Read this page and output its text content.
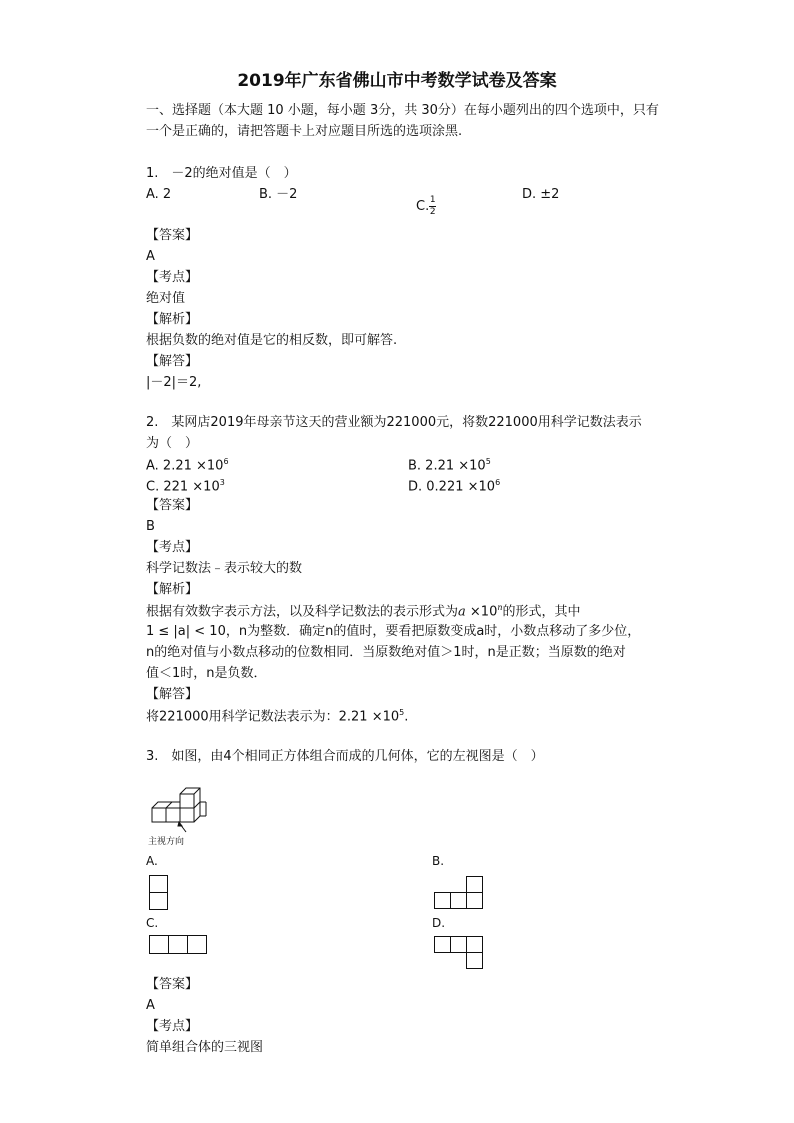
2019年广东省佛山市中考数学试卷及答案
一、选择题（本大题 10 小题，每小题 3分，共 30分）在每小题列出的四个选项中，只有
一个是正确的，请把答题卡上对应题目所选的选项涂黑.
1.　－2的绝对值是（　）
A. 2	B. －2
C. $\frac{1}{2}$
D. ±2
【答案】
A
【考点】
绝对值
【解析】
根据负数的绝对值是它的相反数，即可解答.
【解答】
|－2|＝2,
2.　某网店2019年母亲节这天的营业额为221000元，将数221000用科学记数法表示
为（　）
A. $2.21 \times 10^6$	B. $2.21 \times 10^5$
C. $221 \times 10^3$	D. $0.221 \times 10^6$
【答案】
B
【考点】
科学记数法﹣表示较大的数
【解析】
根据有效数字表示方法，以及科学记数法的表示形式为$a \times 10^n$的形式，其中
1 ≤ |a| < 10，n为整数．确定n的值时，要看把原数变成a时，小数点移动了多少位，
n的绝对值与小数点移动的位数相同．当原数绝对值＞1时，n是正数；当原数的绝对
值＜1时，n是负数．
【解答】
将221000用科学记数法表示为：$2.21 \times 10^5$.
3.　如图，由4个相同正方体组合而成的几何体，它的左视图是（　）
主视方向
A.	B.
C.	D.
【答案】
A
【考点】
简单组合体的三视图
